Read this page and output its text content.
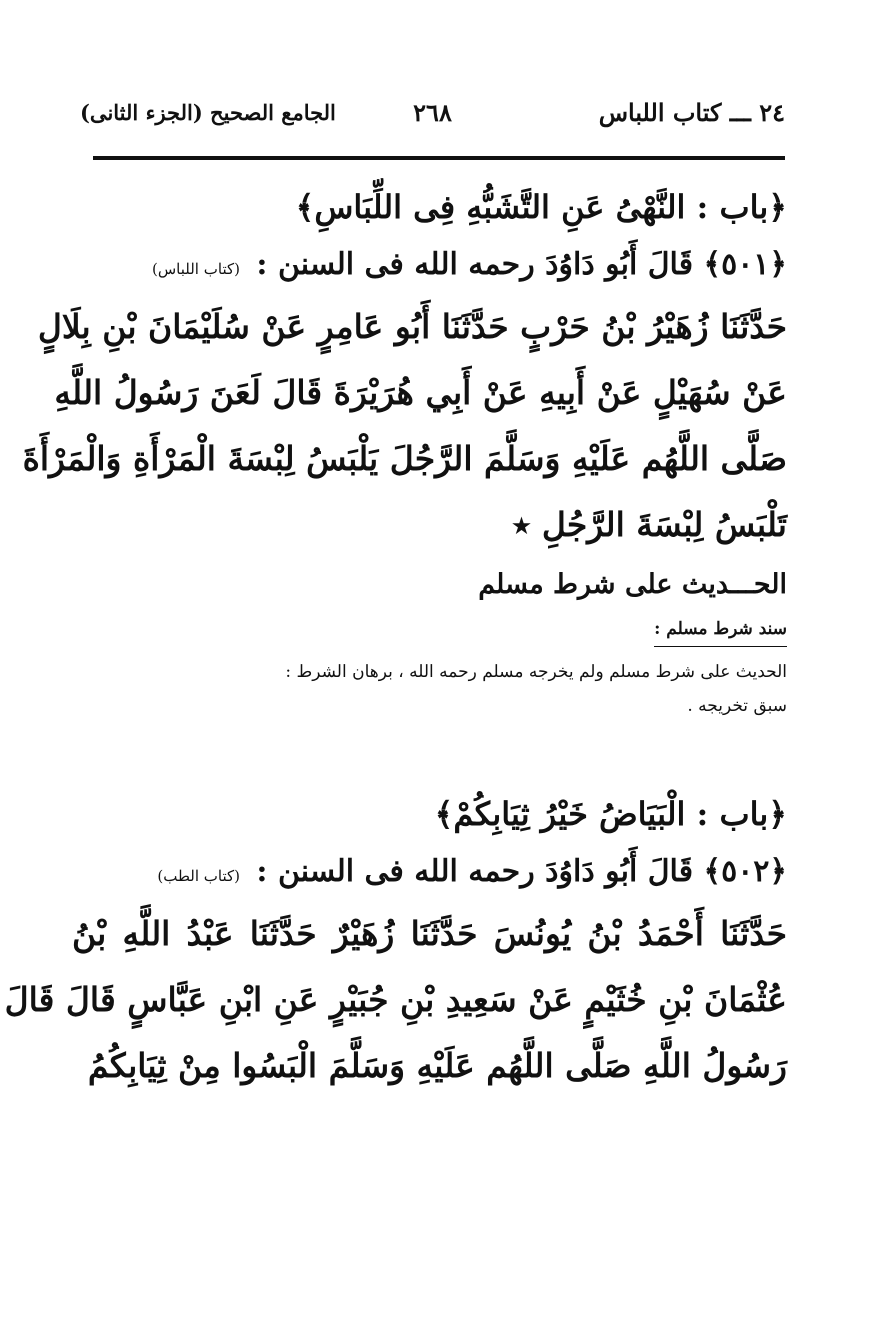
٢٤ ـــ كتاب اللباس
٢٦٨
الجامع الصحيح (الجزء الثانى)
﴿باب : النَّهْىُ عَنِ التَّشَبُّهِ فِى اللِّبَاسِ﴾
﴿٥٠١﴾ قَالَ أَبُو دَاوُدَ رحمه الله فى السنن : (كتاب اللباس)
حَدَّثَنَا زُهَيْرُ بْنُ حَرْبٍ حَدَّثَنَا أَبُو عَامِرٍ عَنْ سُلَيْمَانَ بْنِ بِلَالٍ
عَنْ سُهَيْلٍ عَنْ أَبِيهِ عَنْ أَبِي هُرَيْرَةَ قَالَ لَعَنَ رَسُولُ اللَّهِ
صَلَّى اللَّهُم عَلَيْهِ وَسَلَّمَ الرَّجُلَ يَلْبَسُ لِبْسَةَ الْمَرْأَةِ وَالْمَرْأَةَ
تَلْبَسُ لِبْسَةَ الرَّجُلِ ٭
الحـــديث على شرط مسلم
سند شرط مسلم :
الحديث على شرط مسلم ولم يخرجه مسلم رحمه الله ، برهان الشرط :
سبق تخريجه .
﴿باب : الْبَيَاضُ خَيْرُ ثِيَابِكُمْ﴾
﴿٥٠٢﴾ قَالَ أَبُو دَاوُدَ رحمه الله فى السنن : (كتاب الطب)
حَدَّثَنَا أَحْمَدُ بْنُ يُونُسَ حَدَّثَنَا زُهَيْرٌ حَدَّثَنَا عَبْدُ اللَّهِ بْنُ
عُثْمَانَ بْنِ خُثَيْمٍ عَنْ سَعِيدِ بْنِ جُبَيْرٍ عَنِ ابْنِ عَبَّاسٍ قَالَ قَالَ
رَسُولُ اللَّهِ صَلَّى اللَّهُم عَلَيْهِ وَسَلَّمَ الْبَسُوا مِنْ ثِيَابِكُمُ
